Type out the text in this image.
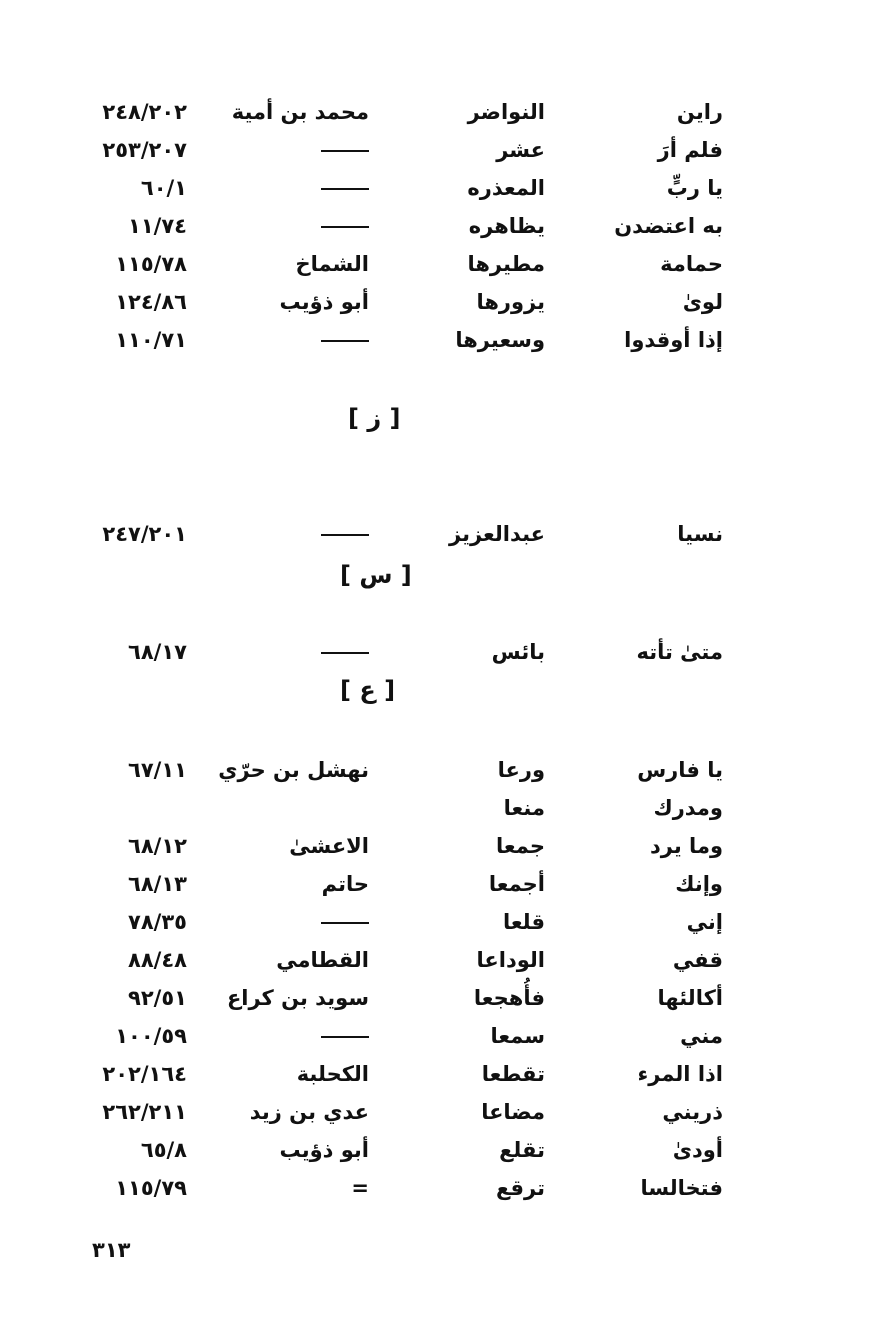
راين
النواضر
محمد بن أمية
٢٤٨/٢٠٢
فلم أرَ
عشر
٢٥٣/٢٠٧
يا ربٍّ
المعذره
٦٠/١
به اعتضدن
يظاهره
١١/٧٤
حمامة
مطيرها
الشماخ
١١٥/٧٨
لوىٰ
يزورها
أبو ذؤيب
١٢٤/٨٦
إذا أوقدوا
وسعيرها
١١٠/٧١
[ ز ]
نسيا
عبدالعزيز
٢٤٧/٢٠١
[ س ]
متىٰ تأته
بائس
٦٨/١٧
[ ع ]
يا فارس
ورعا
نهشل بن حرّي
٦٧/١١
ومدرك
منعا
وما يرد
جمعا
الاعشىٰ
٦٨/١٢
وإنك
أجمعا
حاتم
٦٨/١٣
إني
قلعا
٧٨/٣٥
قفي
الوداعا
القطامي
٨٨/٤٨
أكالئها
فأُهجعا
سويد بن كراع
٩٢/٥١
مني
سمعا
١٠٠/٥٩
اذا المرء
تقطعا
الكحلبة
٢٠٢/١٦٤
ذريني
مضاعا
عدي بن زيد
٢٦٢/٢١١
أودىٰ
تقلع
أبو ذؤيب
٦٥/٨
فتخالسا
ترقع
=
١١٥/٧٩
٣١٣
